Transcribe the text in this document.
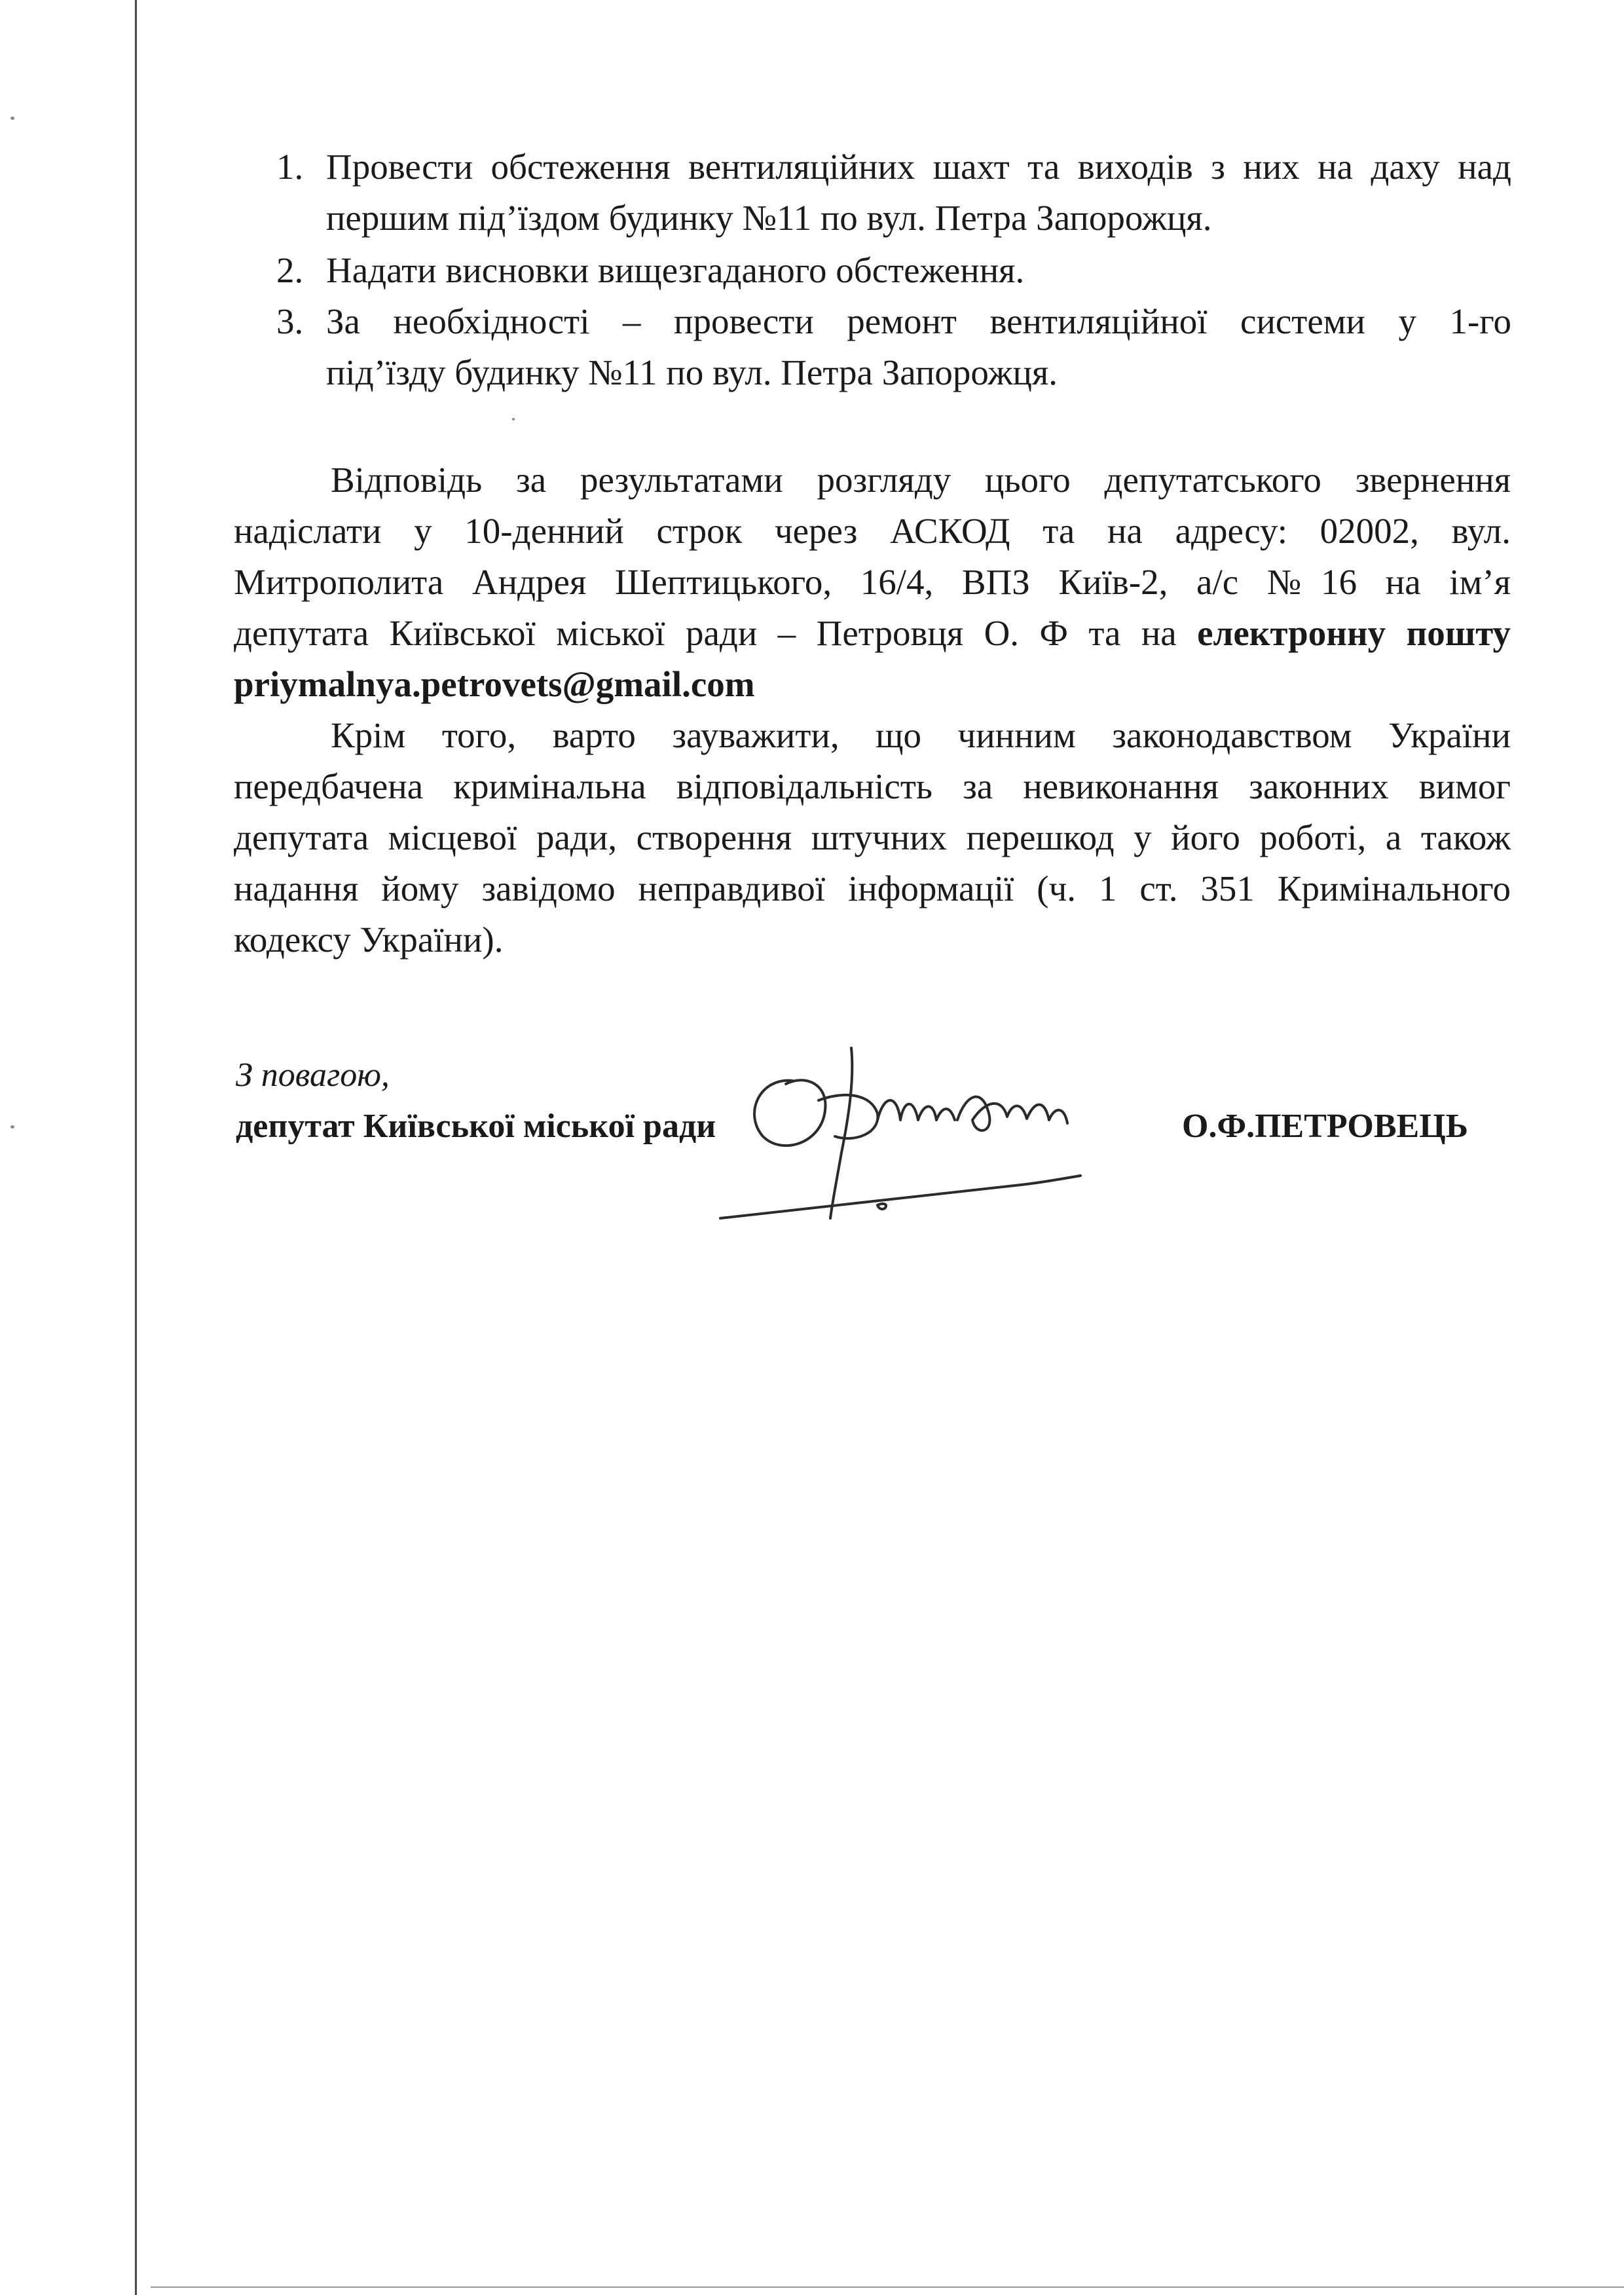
1. Провести обстеження вентиляційних шахт та виходів з них на даху над
першим під’їздом будинку №11 по вул. Петра Запорожця.
2. Надати висновки вищезгаданого обстеження.
3. За необхідності – провести ремонт вентиляційної системи у 1-го
під’їзду будинку №11 по вул. Петра Запорожця.
Відповідь за результатами розгляду цього депутатського звернення
надіслати у 10-денний строк через АСКОД та на адресу: 02002, вул.
Митрополита Андрея Шептицького, 16/4, ВПЗ Київ-2, а/с №16 на ім’я
депутата Київської міської ради – Петровця О. Ф та на електронну пошту
priymalnya.petrovets@gmail.com
Крім того, варто зауважити, що чинним законодавством України
передбачена кримінальна відповідальність за невиконання законних вимог
депутата місцевої ради, створення штучних перешкод у його роботі, а також
надання йому завідомо неправдивої інформації (ч. 1 ст. 351 Кримінального
кодексу України).
З повагою,
депутат Київської міської ради	О.Ф.ПЕТРОВЕЦЬ
